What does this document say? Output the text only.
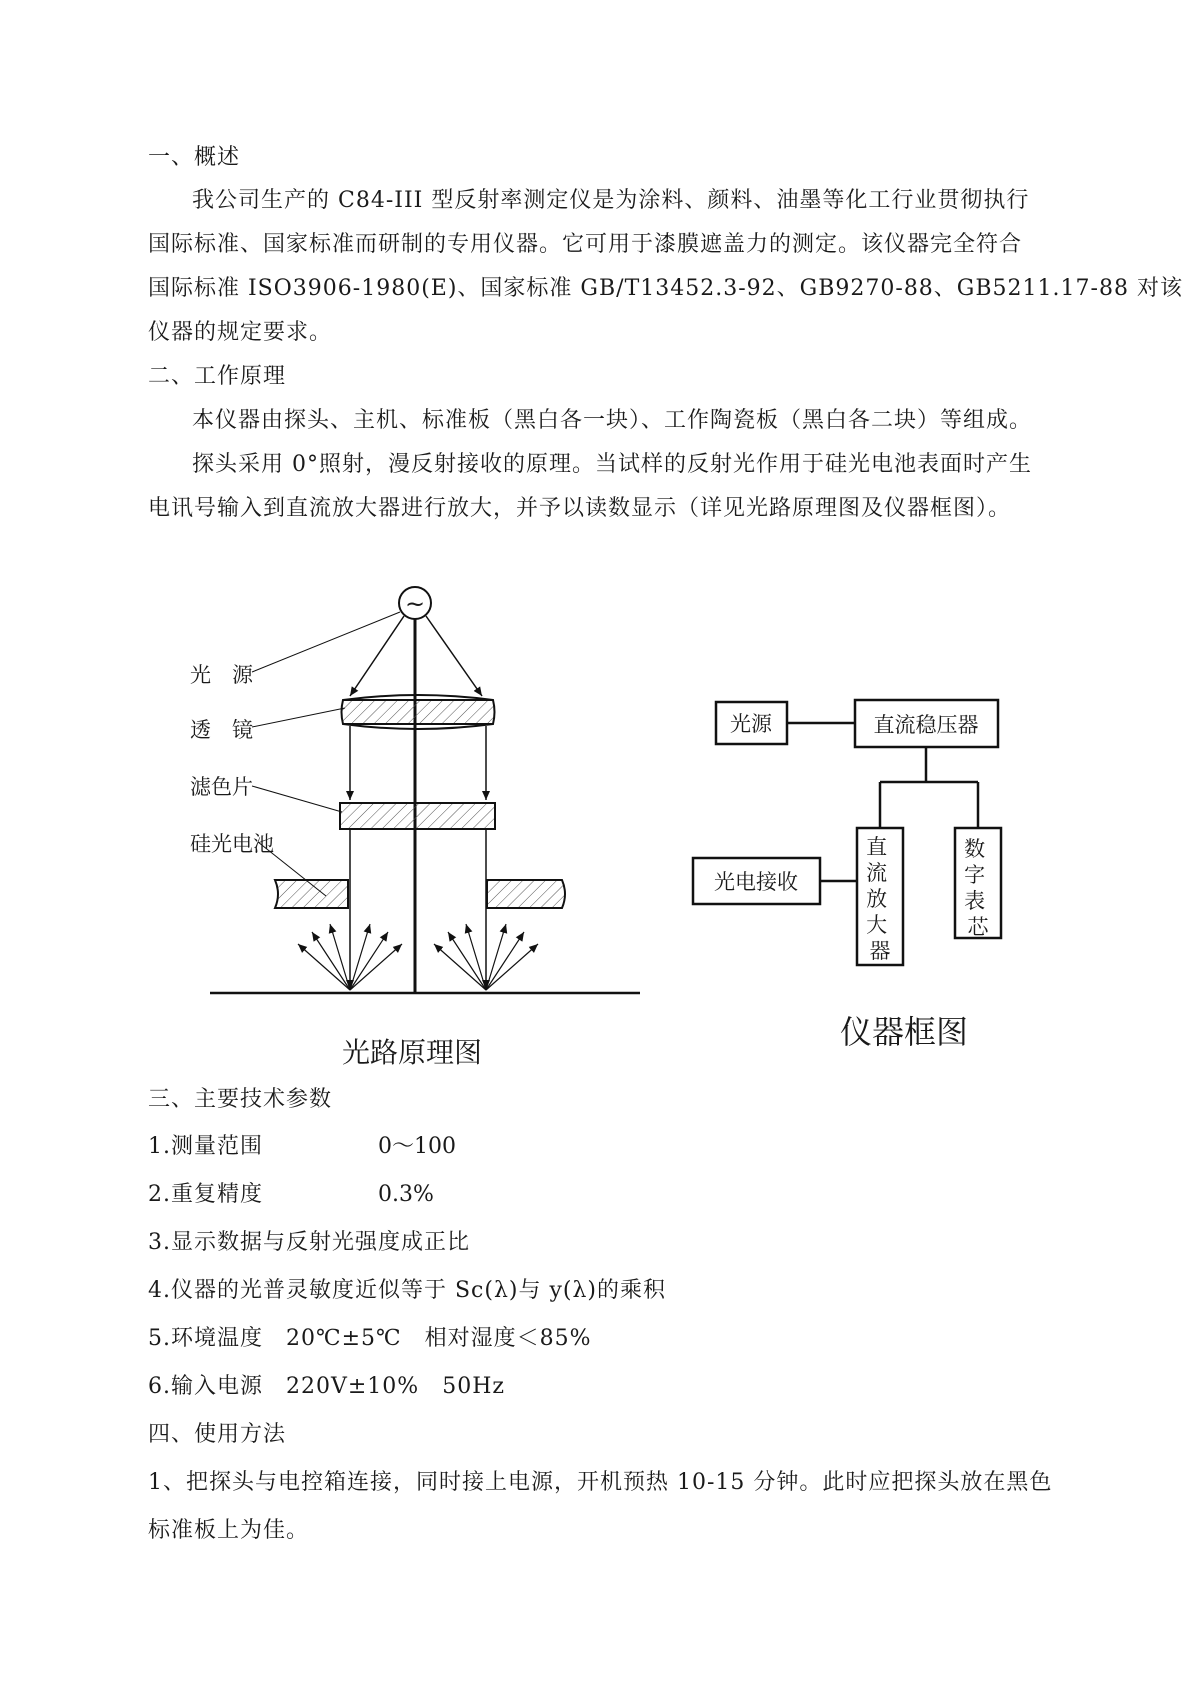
一、概述
我公司生产的 C84-III 型反射率测定仪是为涂料、颜料、油墨等化工行业贯彻执行
国际标准、国家标准而研制的专用仪器。它可用于漆膜遮盖力的测定。该仪器完全符合
国际标准 ISO3906-1980(E)、国家标准 GB/T13452.3-92、GB9270-88、GB5211.17-88 对该
仪器的规定要求。
二、工作原理
本仪器由探头、主机、标准板（黑白各一块）、工作陶瓷板（黑白各二块）等组成。
探头采用 0°照射，漫反射接收的原理。当试样的反射光作用于硅光电池表面时产生
电讯号输入到直流放大器进行放大，并予以读数显示（详见光路原理图及仪器框图）。
~
光　源
透　镜
滤色片
硅光电池
光路原理图
光源	直流稳压器
光电接收
直 流 放 大 器
数 字 表 芯
仪器框图
三、主要技术参数
1.测量范围	0～100
2.重复精度	0.3%
3.显示数据与反射光强度成正比
4.仪器的光普灵敏度近似等于 Sc(λ)与 y(λ)的乘积
5.环境温度　20℃±5℃　相对湿度＜85%
6.输入电源　220V±10%　50Hz
四、使用方法
1、把探头与电控箱连接，同时接上电源，开机预热 10-15 分钟。此时应把探头放在黑色
标准板上为佳。
